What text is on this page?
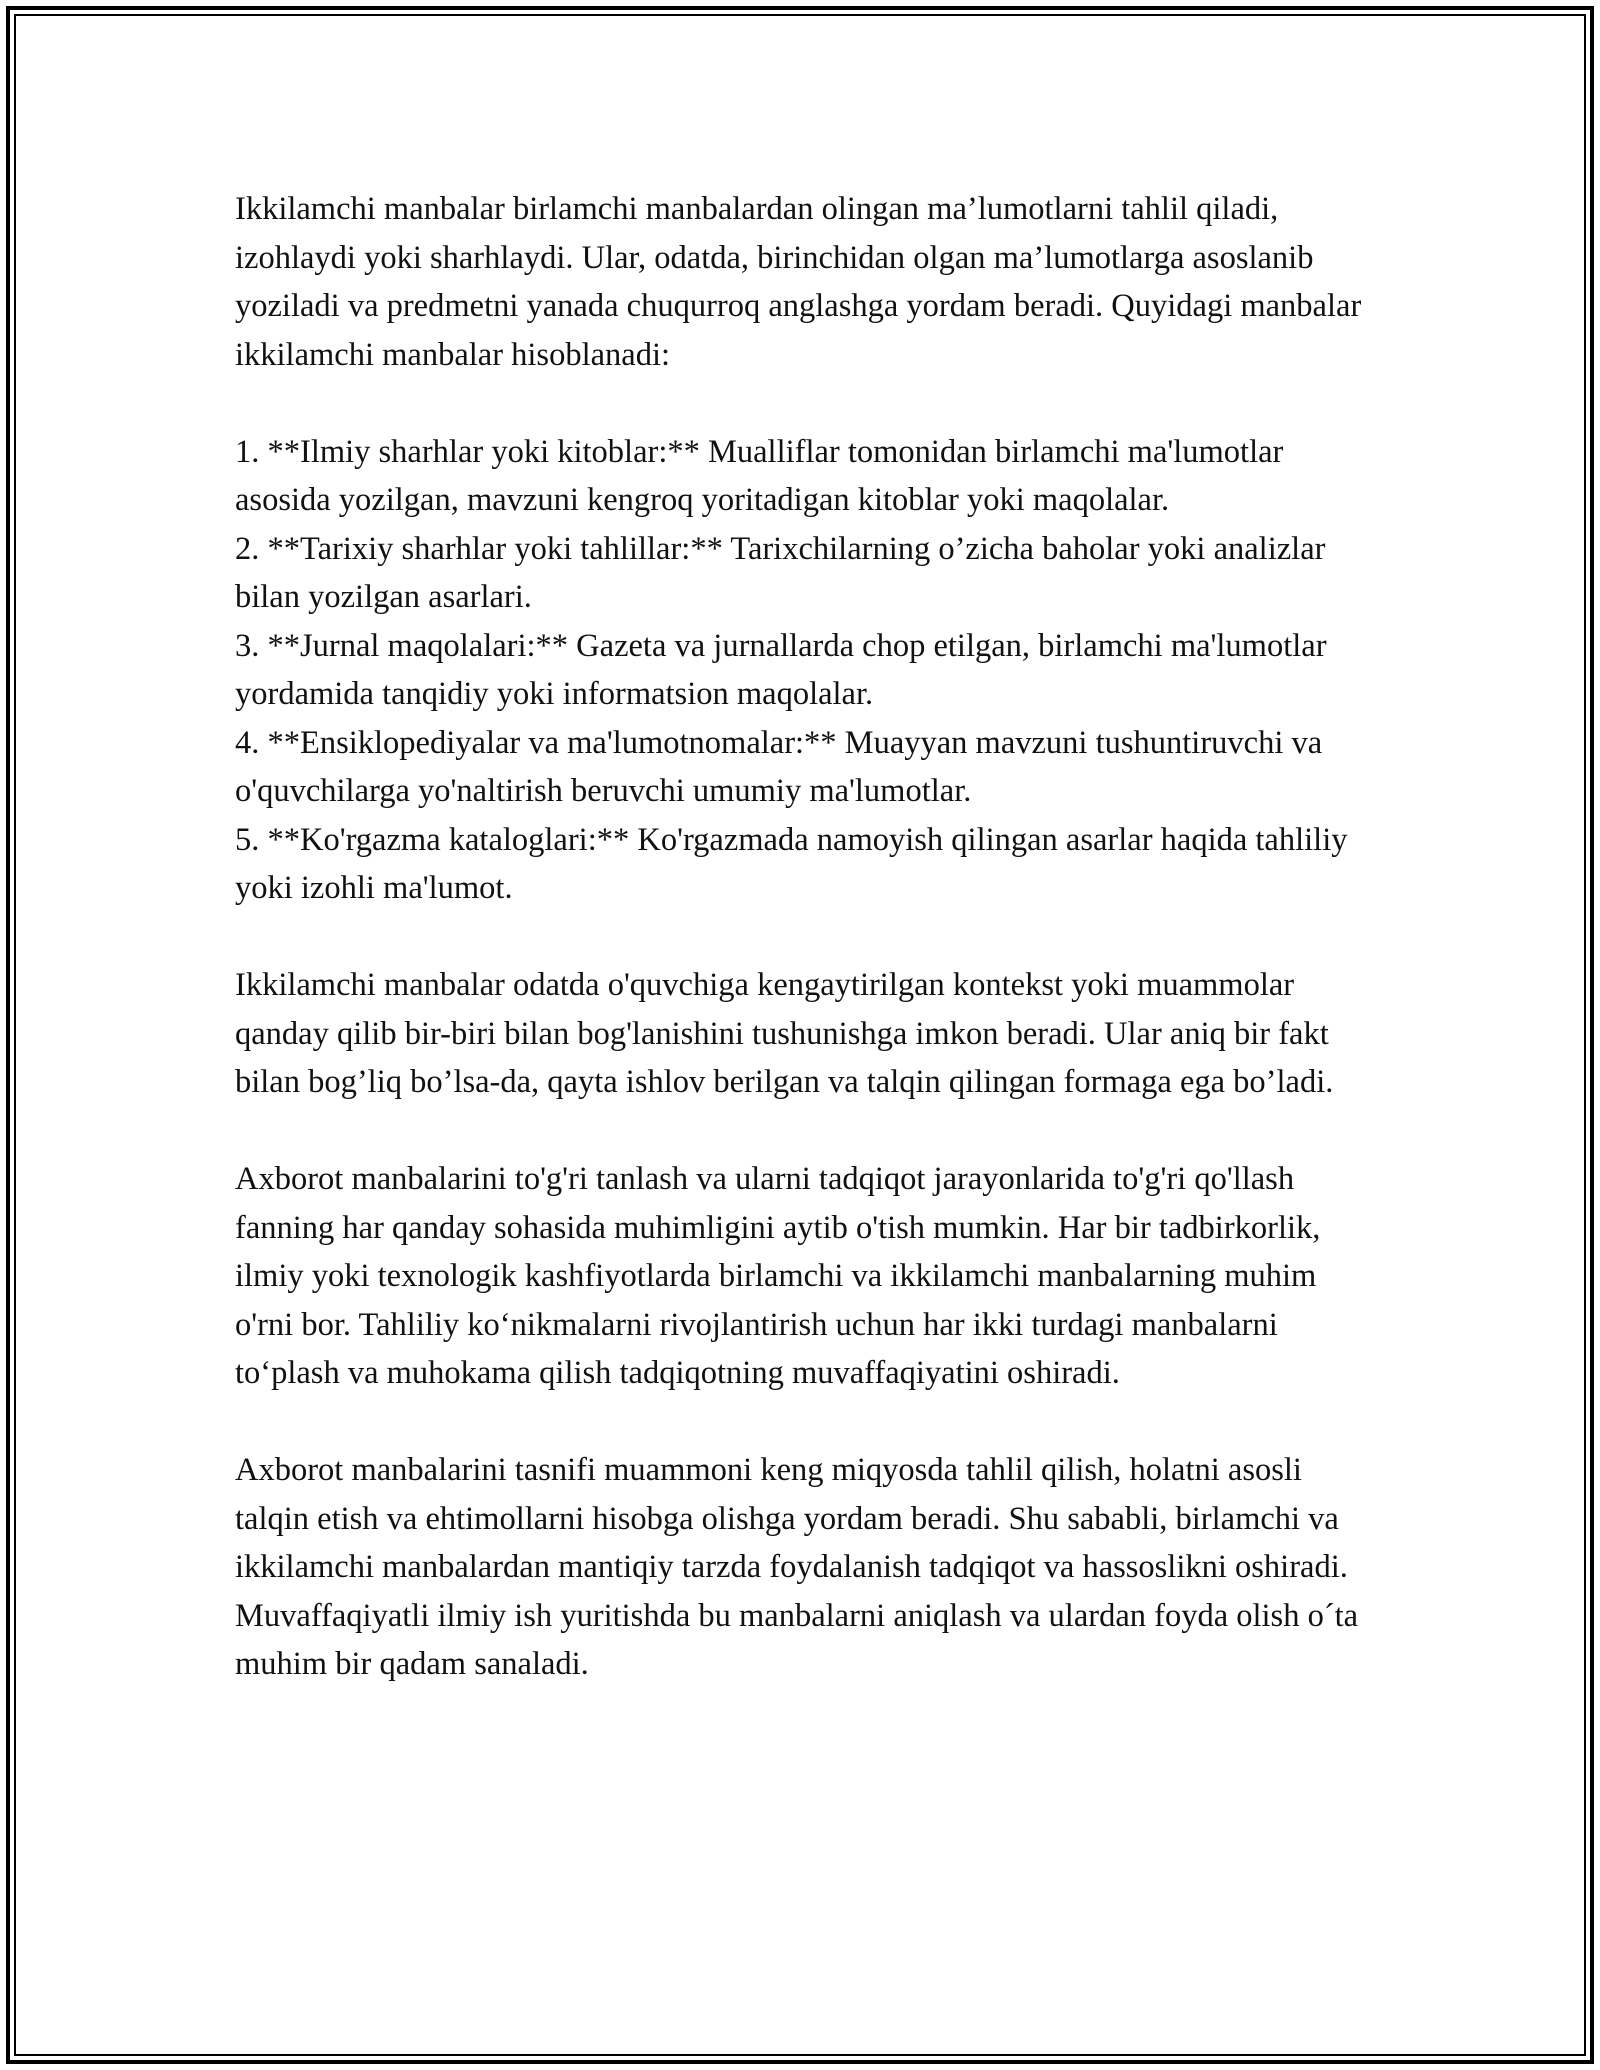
Ikkilamchi manbalar birlamchi manbalardan olingan ma’lumotlarni tahlil qiladi, izohlaydi yoki sharhlaydi. Ular, odatda, birinchidan olgan ma’lumotlarga asoslanib yoziladi va predmetni yanada chuqurroq anglashga yordam beradi. Quyidagi manbalar ikkilamchi manbalar hisoblanadi:

1. **Ilmiy sharhlar yoki kitoblar:** Mualliflar tomonidan birlamchi ma'lumotlar asosida yozilgan, mavzuni kengroq yoritadigan kitoblar yoki maqolalar.
2. **Tarixiy sharhlar yoki tahlillar:** Tarixchilarning o’zicha baholar yoki analizlar bilan yozilgan asarlari.
3. **Jurnal maqolalari:** Gazeta va jurnallarda chop etilgan, birlamchi ma'lumotlar yordamida tanqidiy yoki informatsion maqolalar.
4. **Ensiklopediyalar va ma'lumotnomalar:** Muayyan mavzuni tushuntiruvchi va o'quvchilarga yo'naltirish beruvchi umumiy ma'lumotlar.
5. **Ko'rgazma kataloglari:** Ko'rgazmada namoyish qilingan asarlar haqida tahliliy yoki izohli ma'lumot.

Ikkilamchi manbalar odatda o'quvchiga kengaytirilgan kontekst yoki muammolar qanday qilib bir-biri bilan bog'lanishini tushunishga imkon beradi. Ular aniq bir fakt bilan bog’liq bo’lsa-da, qayta ishlov berilgan va talqin qilingan formaga ega bo’ladi.

Axborot manbalarini to'g'ri tanlash va ularni tadqiqot jarayonlarida to'g'ri qo'llash fanning har qanday sohasida muhimligini aytib o'tish mumkin. Har bir tadbirkorlik, ilmiy yoki texnologik kashfiyotlarda birlamchi va ikkilamchi manbalarning muhim o'rni bor. Tahliliy ko‘nikmalarni rivojlantirish uchun har ikki turdagi manbalarni to‘plash va muhokama qilish tadqiqotning muvaffaqiyatini oshiradi.

Axborot manbalarini tasnifi muammoni keng miqyosda tahlil qilish, holatni asosli talqin etish va ehtimollarni hisobga olishga yordam beradi. Shu sababli, birlamchi va ikkilamchi manbalardan mantiqiy tarzda foydalanish tadqiqot va hassoslikni oshiradi. Muvaffaqiyatli ilmiy ish yuritishda bu manbalarni aniqlash va ulardan foyda olish o´ta muhim bir qadam sanaladi.
